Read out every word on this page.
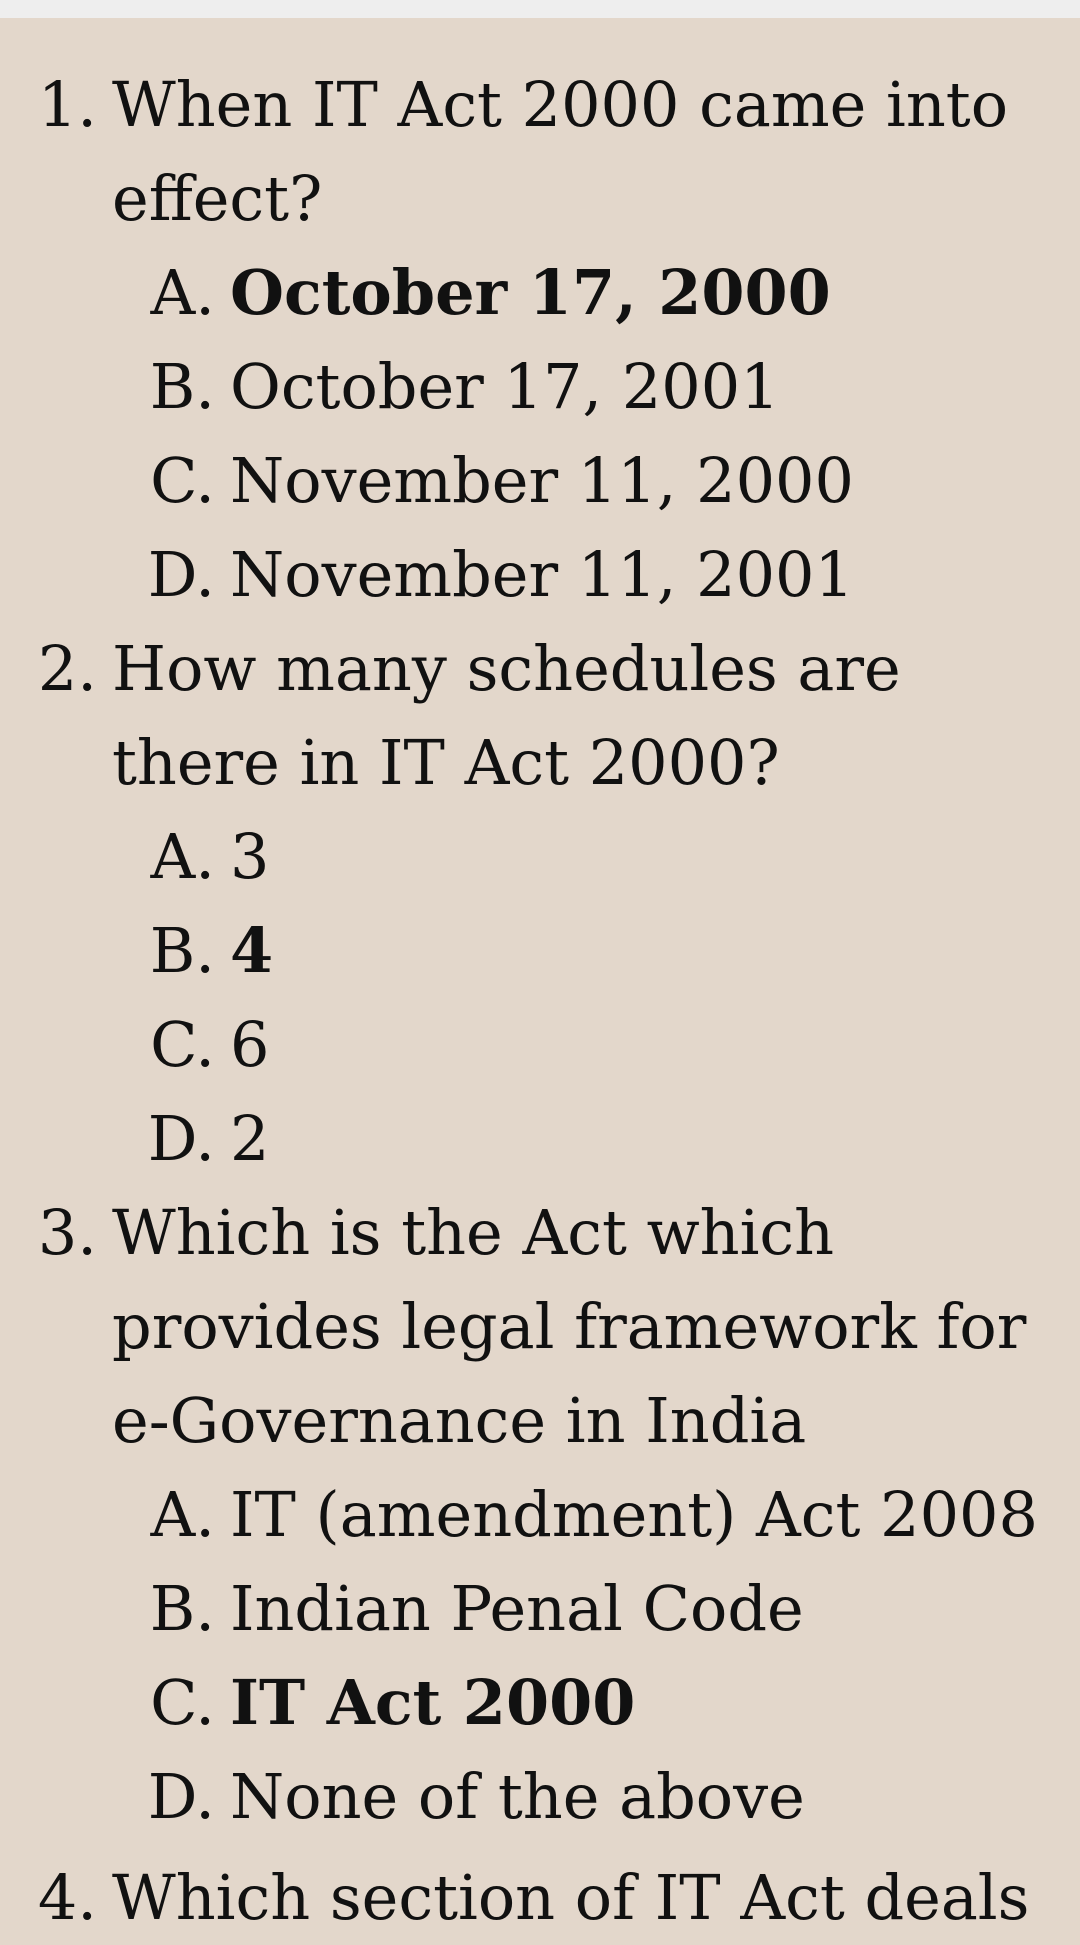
1. When IT Act 2000 came into
effect?

A. October 17, 2000
B. October 17, 2001
C. November 11, 2000
D. November 11, 2001
2. How many schedules are
there in IT Act 2000?

A. 3
B. 4
C. 6
D. 2
3. Which is the Act which
provides legal framework for
e-Governance in India

A. IT (amendment) Act 2008
B. Indian Penal Code
C. IT Act 2000
D. None of the above
4. Which section of IT Act deals
